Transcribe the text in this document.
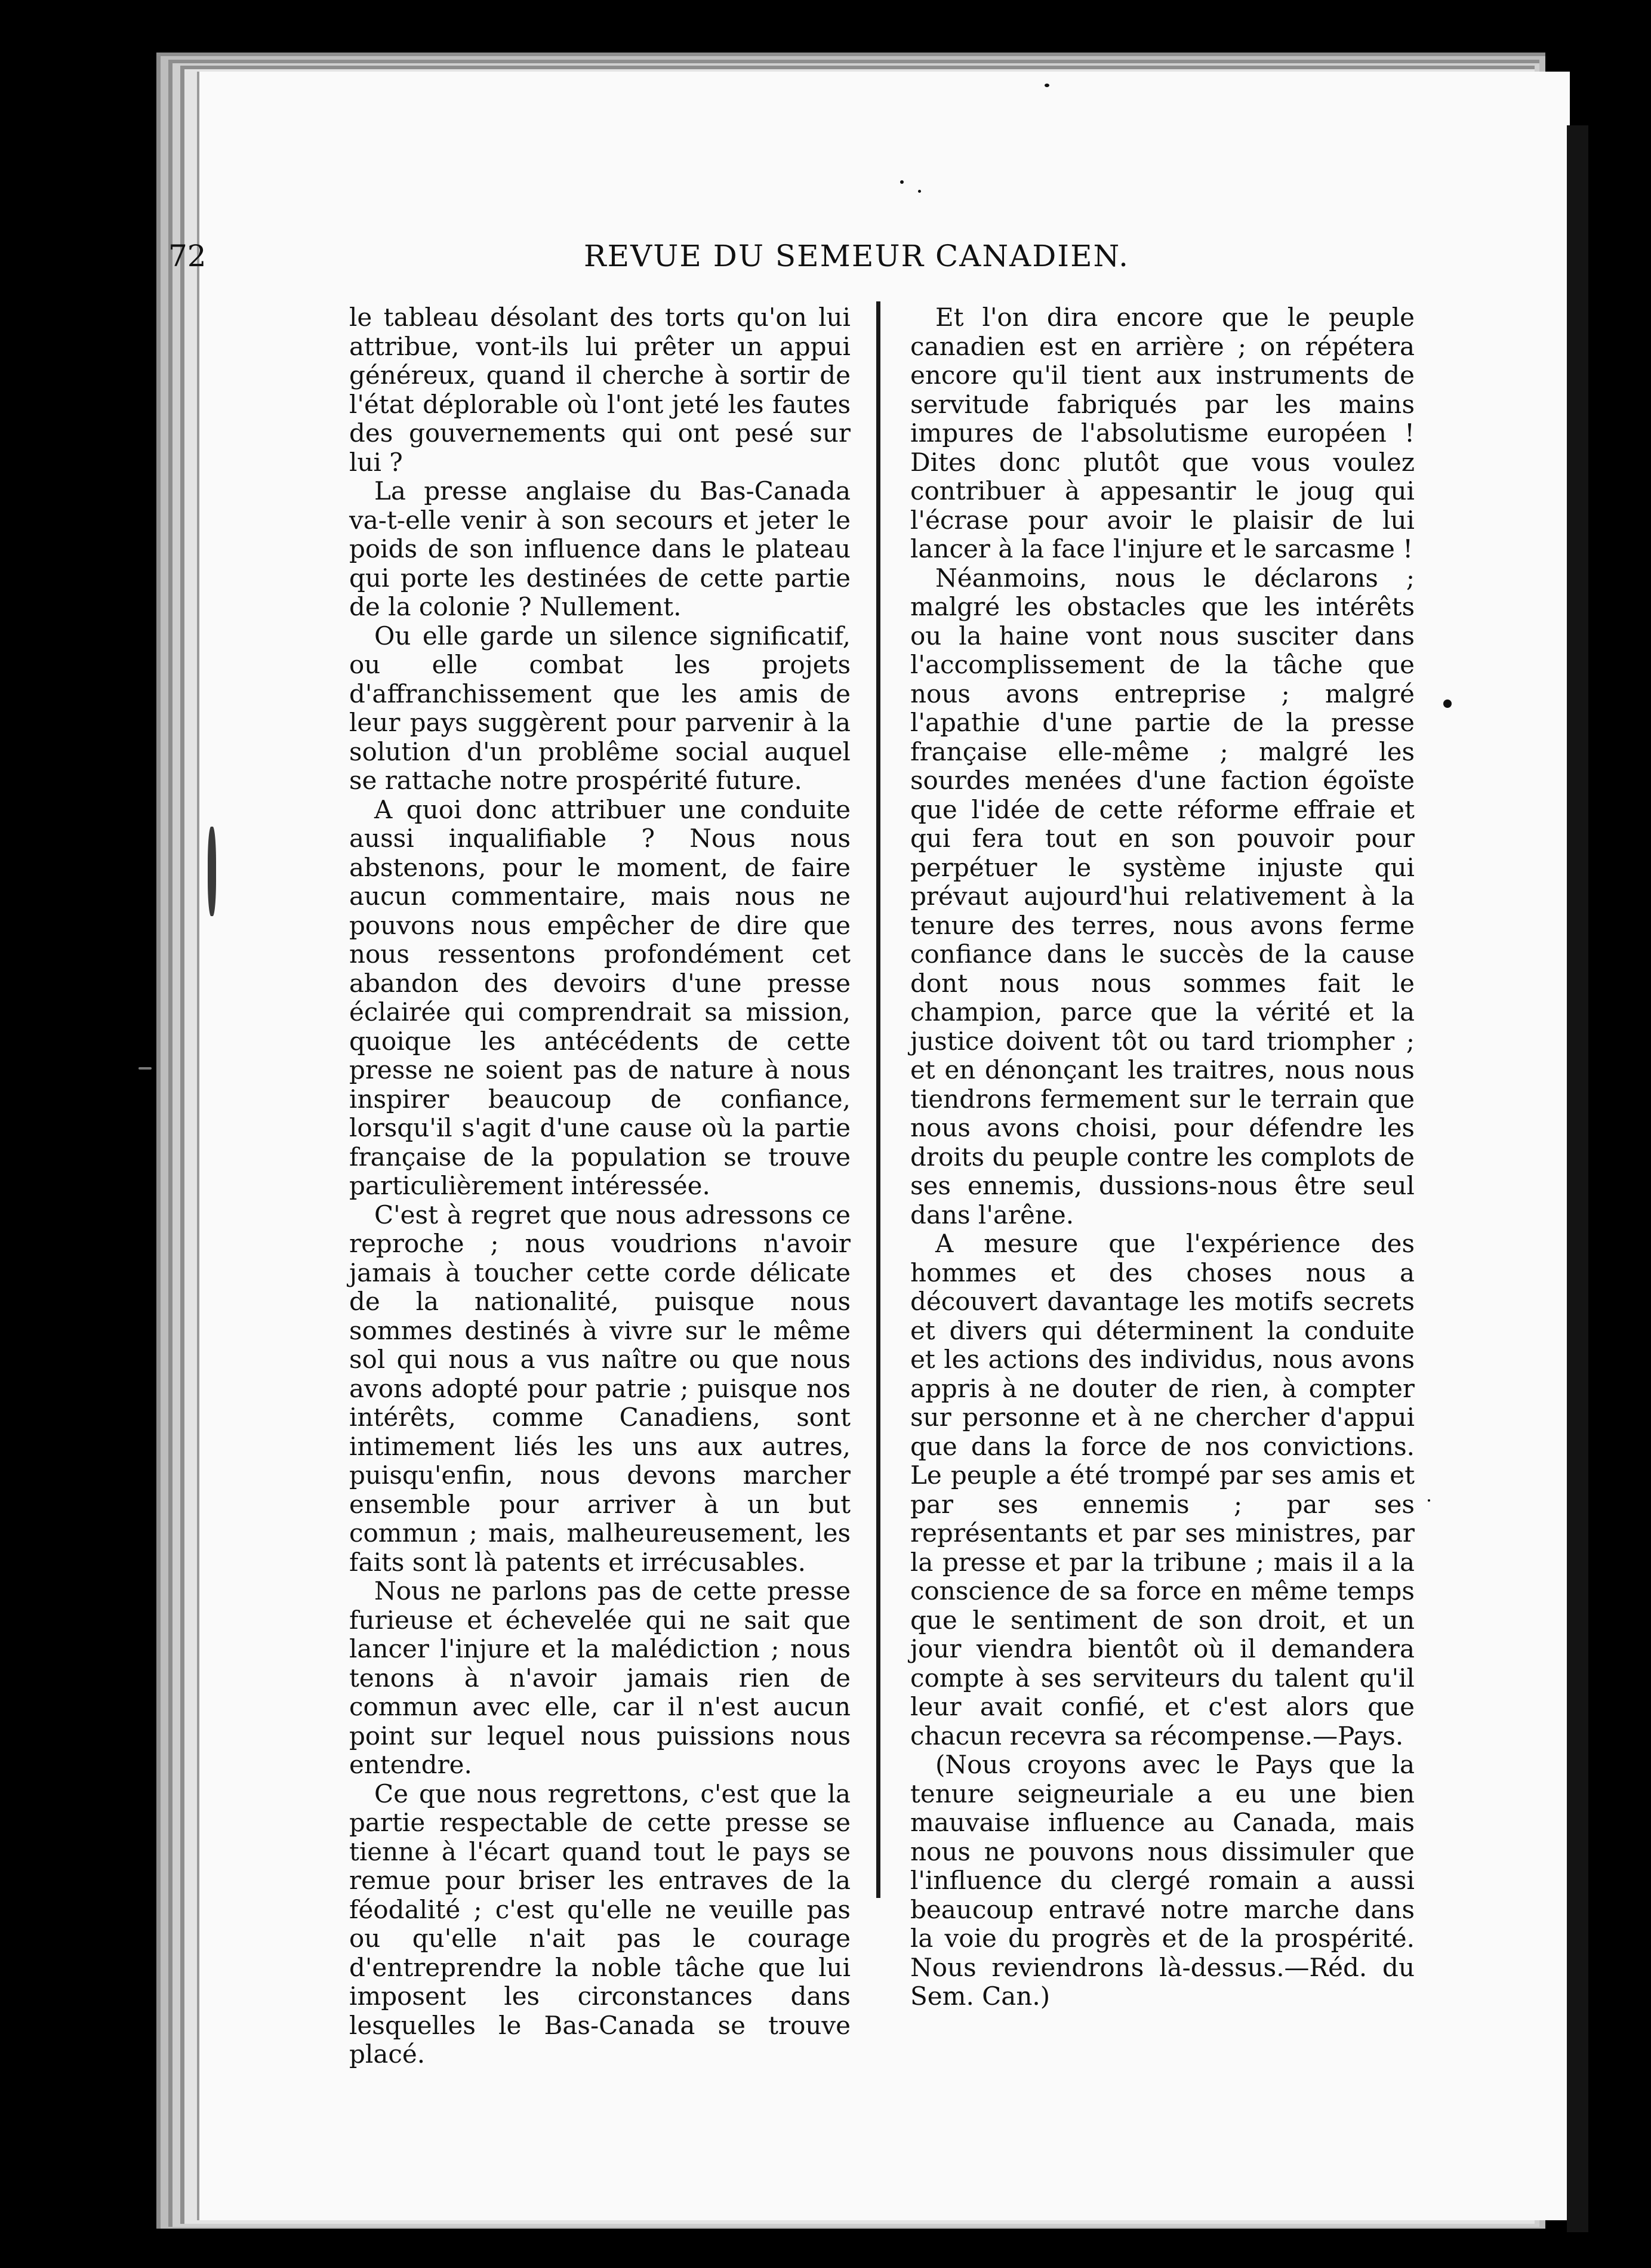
72	REVUE DU SEMEUR CANADIEN.

le tableau désolant des torts qu'on lui attribue, vont-ils lui prêter un appui généreux, quand il cherche à sortir de l'état déplorable où l'ont jeté les fautes des gouvernements qui ont pesé sur lui ?

La presse anglaise du Bas-Canada va-t-elle venir à son secours et jeter le poids de son influence dans le plateau qui porte les destinées de cette partie de la colonie ? Nullement.

Ou elle garde un silence significatif, ou elle combat les projets d'affranchissement que les amis de leur pays suggèrent pour parvenir à la solution d'un problême social auquel se rattache notre prospérité future.

A quoi donc attribuer une conduite aussi inqualifiable ? Nous nous abstenons, pour le moment, de faire aucun commentaire, mais nous ne pouvons nous empêcher de dire que nous ressentons profondément cet abandon des devoirs d'une presse éclairée qui comprendrait sa mission, quoique les antécédents de cette presse ne soient pas de nature à nous inspirer beaucoup de confiance, lorsqu'il s'agit d'une cause où la partie française de la population se trouve particulièrement intéressée.

C'est à regret que nous adressons ce reproche ; nous voudrions n'avoir jamais à toucher cette corde délicate de la nationalité, puisque nous sommes destinés à vivre sur le même sol qui nous a vus naître ou que nous avons adopté pour patrie ; puisque nos intérêts, comme Canadiens, sont intimement liés les uns aux autres, puisqu'enfin, nous devons marcher ensemble pour arriver à un but commun ; mais, malheureusement, les faits sont là patents et irrécusables.

Nous ne parlons pas de cette presse furieuse et échevelée qui ne sait que lancer l'injure et la malédiction ; nous tenons à n'avoir jamais rien de commun avec elle, car il n'est aucun point sur lequel nous puissions nous entendre.

Ce que nous regrettons, c'est que la partie respectable de cette presse se tienne à l'écart quand tout le pays se remue pour briser les entraves de la féodalité ; c'est qu'elle ne veuille pas ou qu'elle n'ait pas le courage d'entreprendre la noble tâche que lui imposent les circonstances dans lesquelles le Bas-Canada se trouve placé.

Et l'on dira encore que le peuple canadien est en arrière ; on répétera encore qu'il tient aux instruments de servitude fabriqués par les mains impures de l'absolutisme européen ! Dites donc plutôt que vous voulez contribuer à appesantir le joug qui l'écrase pour avoir le plaisir de lui lancer à la face l'injure et le sarcasme !

Néanmoins, nous le déclarons ; malgré les obstacles que les intérêts ou la haine vont nous susciter dans l'accomplissement de la tâche que nous avons entreprise ; malgré l'apathie d'une partie de la presse française elle-même ; malgré les sourdes menées d'une faction égoïste que l'idée de cette réforme effraie et qui fera tout en son pouvoir pour perpétuer le système injuste qui prévaut aujourd'hui relativement à la tenure des terres, nous avons ferme confiance dans le succès de la cause dont nous nous sommes fait le champion, parce que la vérité et la justice doivent tôt ou tard triompher ; et en dénonçant les traitres, nous nous tiendrons fermement sur le terrain que nous avons choisi, pour défendre les droits du peuple contre les complots de ses ennemis, dussions-nous être seul dans l'arêne.

A mesure que l'expérience des hommes et des choses nous a découvert davantage les motifs secrets et divers qui déterminent la conduite et les actions des individus, nous avons appris à ne douter de rien, à compter sur personne et à ne chercher d'appui que dans la force de nos convictions. Le peuple a été trompé par ses amis et par ses ennemis ; par ses représentants et par ses ministres, par la presse et par la tribune ; mais il a la conscience de sa force en même temps que le sentiment de son droit, et un jour viendra bientôt où il demandera compte à ses serviteurs du talent qu'il leur avait confié, et c'est alors que chacun recevra sa récompense.—Pays.

(Nous croyons avec le Pays que la tenure seigneuriale a eu une bien mauvaise influence au Canada, mais nous ne pouvons nous dissimuler que l'influence du clergé romain a aussi beaucoup entravé notre marche dans la voie du progrès et de la prospérité. Nous reviendrons là-dessus.—Réd. du Sem. Can.)
